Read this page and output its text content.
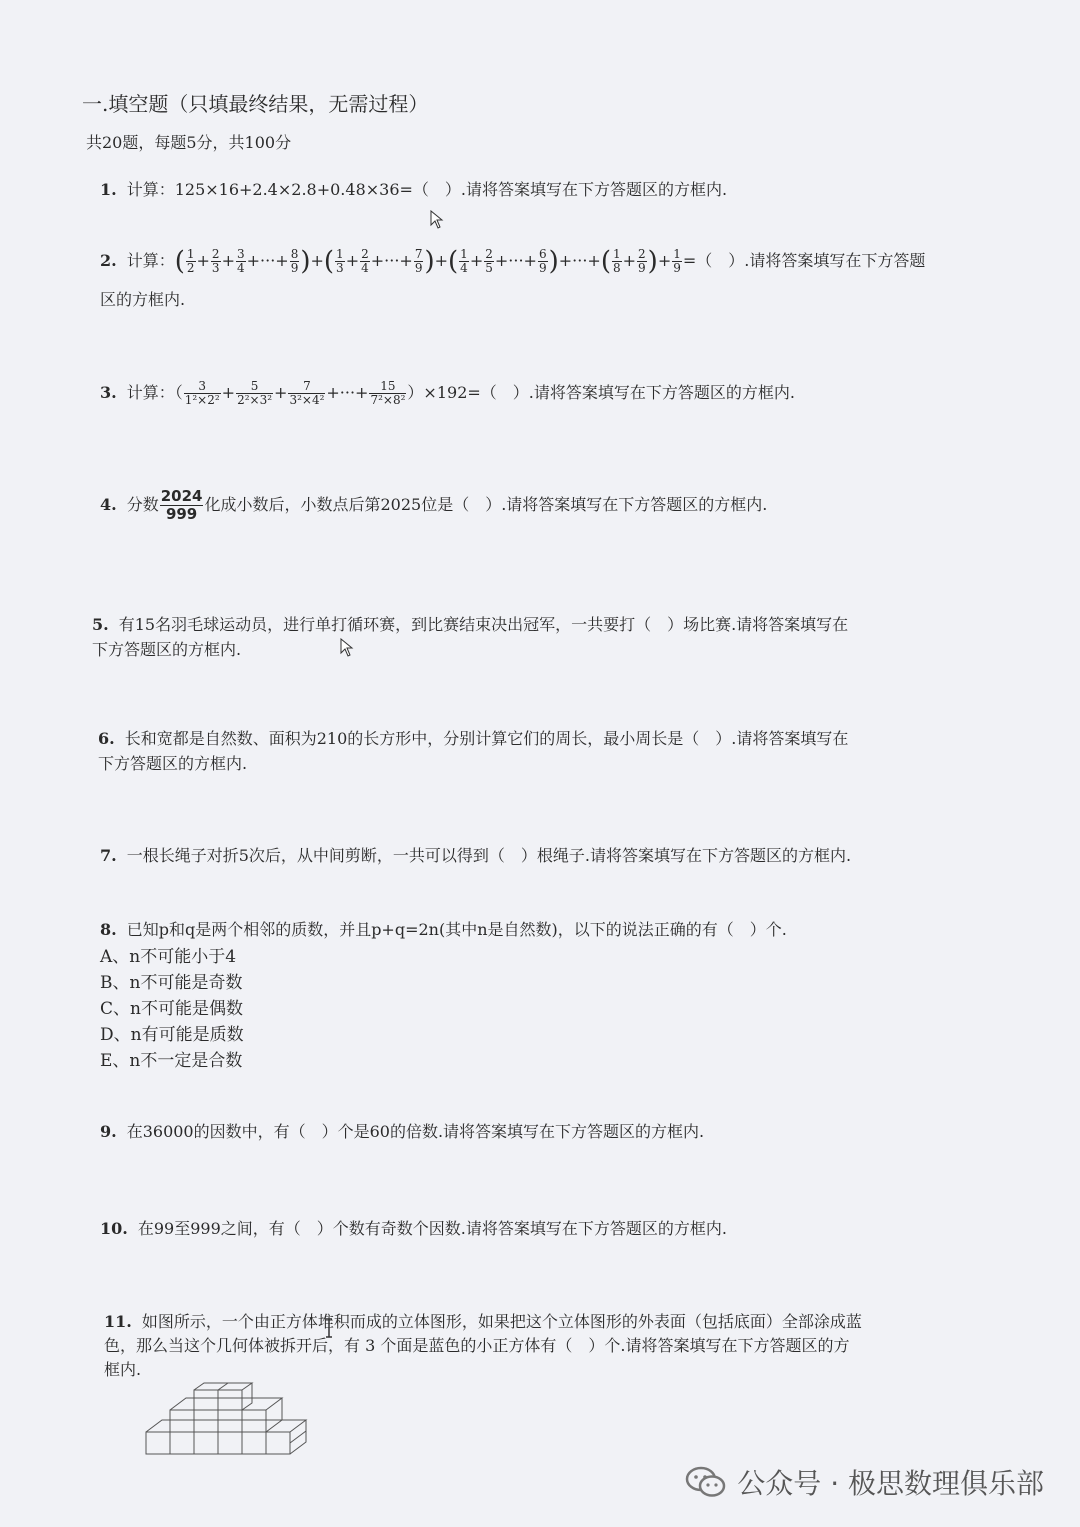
一.填空题（只填最终结果，无需过程）
共20题，每题5分，共100分
1. 计算：125×16+2.4×2.8+0.48×36=（　）.请将答案填写在下方答题区的方框内.
2. 计算：( $\frac{1}{2} + \frac{2}{3} + \frac{3}{4}$ +···+ $\frac{8}{9}$ )+( $\frac{1}{3} + \frac{2}{4}$ +···+ $\frac{7}{9}$ )+( $\frac{1}{4} + \frac{2}{5}$ +···+ $\frac{6}{9}$ )+···+( $\frac{1}{8} + \frac{2}{9}$ )+ $\frac{1}{9}$ =（　）.请将答案填写在下方答题
区的方框内.
3. 计算：（ $\frac{3}{\text{1²×2²}} + \frac{5}{\text{2²×3²}} + \frac{7}{\text{3²×4²}}$ +···+ $\frac{15}{\text{7²×8²}} )\times 192=$（　）.请将答案填写在下方答题区的方框内.
4. 分数 $\frac{2024}{999}$ 化成小数后，小数点后第2025位是（　）.请将答案填写在下方答题区的方框内.
5. 有15名羽毛球运动员，进行单打循环赛，到比赛结束决出冠军，一共要打（　）场比赛.请将答案填写在
下方答题区的方框内.
6. 长和宽都是自然数、面积为210的长方形中，分别计算它们的周长，最小周长是（　）.请将答案填写在
下方答题区的方框内.
7. 一根长绳子对折5次后，从中间剪断，一共可以得到（　）根绳子.请将答案填写在下方答题区的方框内.
8. 已知p和q是两个相邻的质数，并且p+q=2n(其中n是自然数)，以下的说法正确的有（　）个.
A、n不可能小于4
B、n不可能是奇数
C、n不可能是偶数
D、n有可能是质数
E、n不一定是合数
9. 在36000的因数中，有（　）个是60的倍数.请将答案填写在下方答题区的方框内.
10. 在99至999之间，有（　）个数有奇数个因数.请将答案填写在下方答题区的方框内.
11. 如图所示，一个由正方体堆积而成的立体图形，如果把这个立体图形的外表面（包括底面）全部涂成蓝
色，那么当这个几何体被拆开后，有 3 个面是蓝色的小正方体有（　）个.请将答案填写在下方答题区的方
框内.
公众号 · 极思数理俱乐部
